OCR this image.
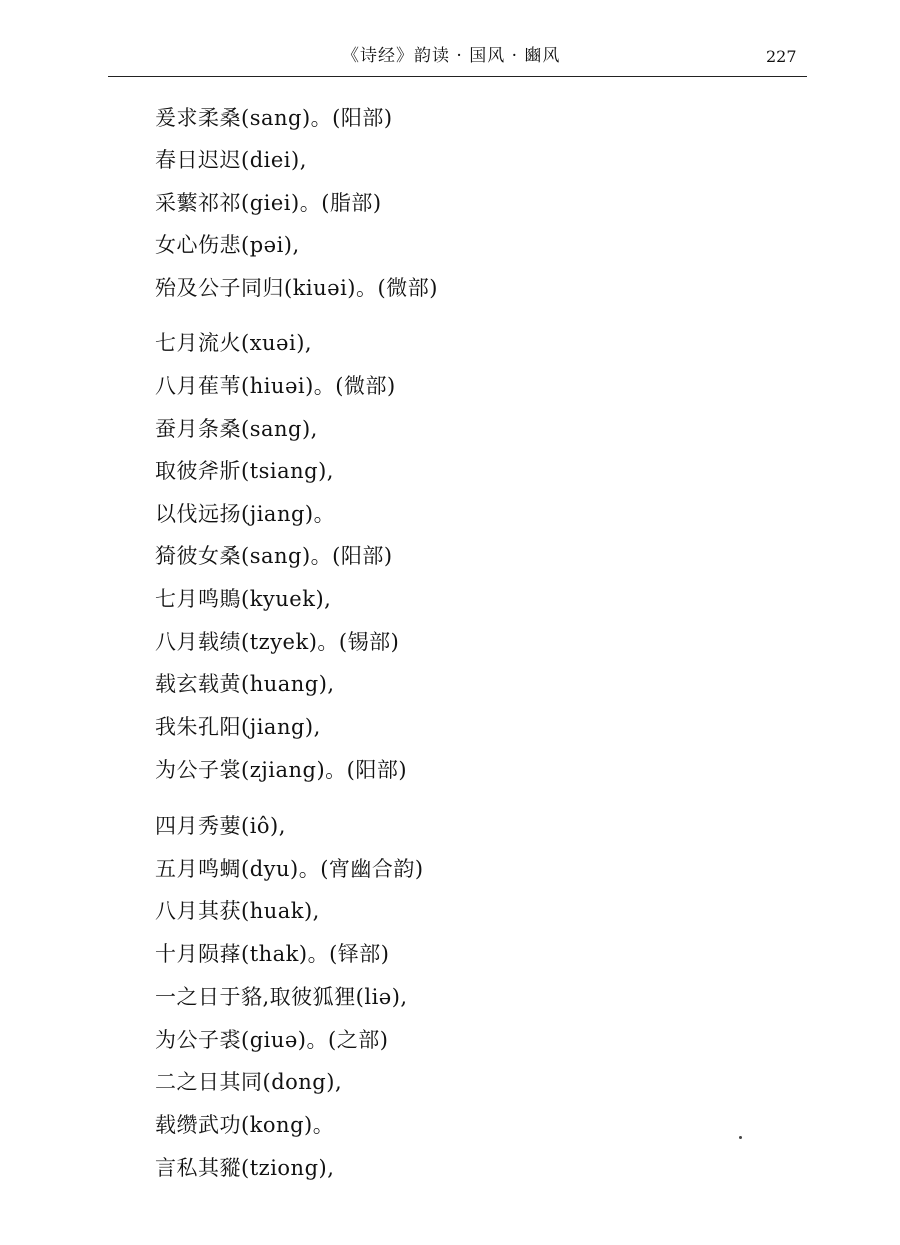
《诗经》韵读 · 国风 · 豳风	227
爰求柔桑(sang)。(阳部)
春日迟迟(diei),
采蘩祁祁(giei)。(脂部)
女心伤悲(pəi),
殆及公子同归(kiuəi)。(微部)
七月流火(xuəi),
八月萑苇(hiuəi)。(微部)
蚕月条桑(sang),
取彼斧斨(tsiang),
以伐远扬(jiang)。
猗彼女桑(sang)。(阳部)
七月鸣鵙(kyuek),
八月载绩(tzyek)。(锡部)
载玄载黄(huang),
我朱孔阳(jiang),
为公子裳(zjiang)。(阳部)
四月秀葽(iô),
五月鸣蜩(dyu)。(宵幽合韵)
八月其获(huak),
十月陨萚(thak)。(铎部)
一之日于貉,取彼狐狸(liə),
为公子裘(giuə)。(之部)
二之日其同(dong),
载缵武功(kong)。
言私其豵(tziong),
